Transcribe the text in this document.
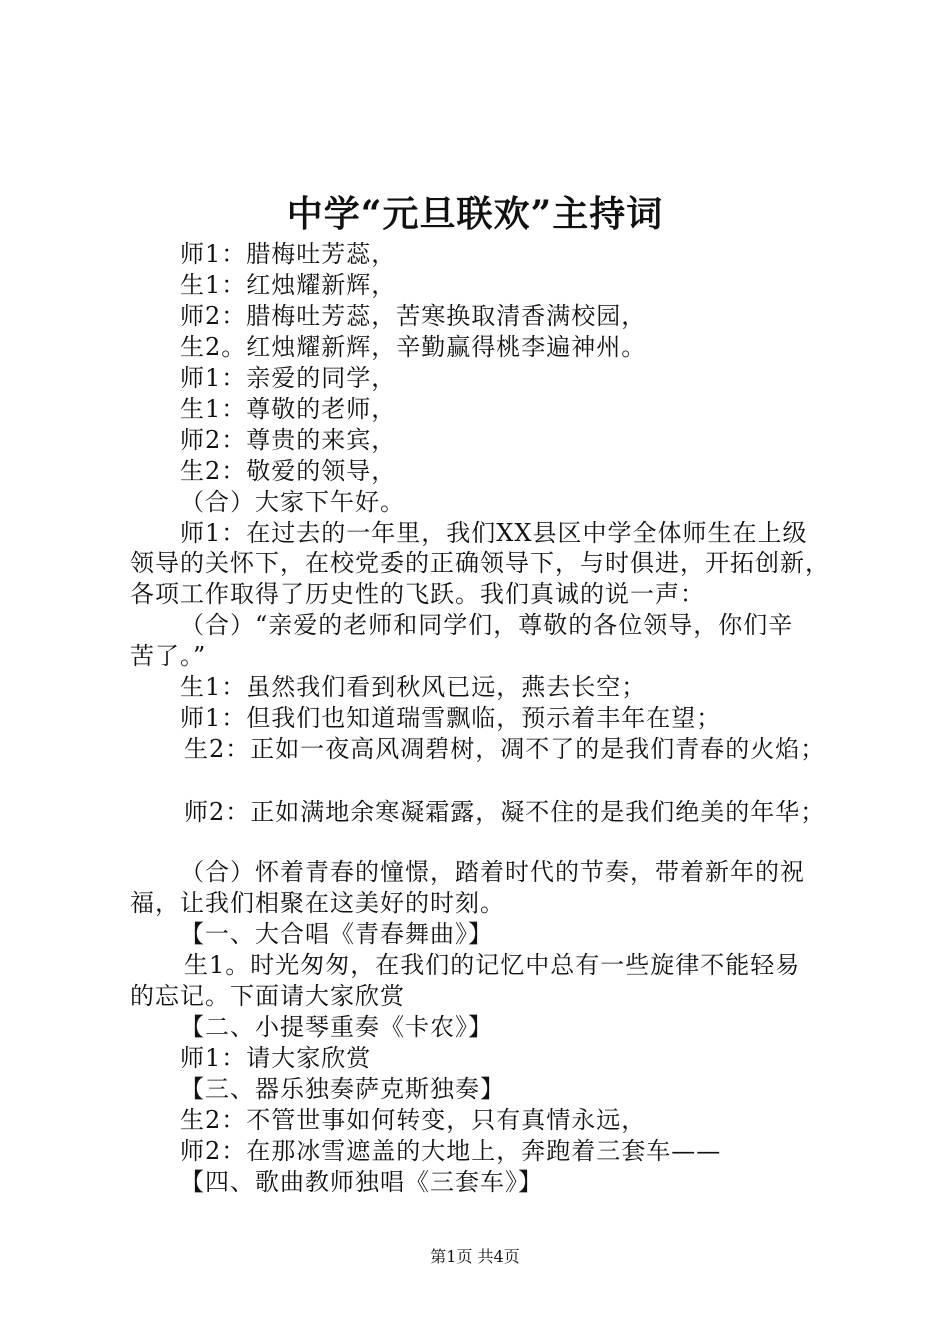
中学“元旦联欢”主持词
师1：腊梅吐芳蕊，
生1：红烛耀新辉，
师2：腊梅吐芳蕊，苦寒换取清香满校园，
生2。红烛耀新辉，辛勤赢得桃李遍神州。
师1：亲爱的同学，
生1：尊敬的老师，
师2：尊贵的来宾，
生2：敬爱的领导，
（合）大家下午好。
师1：在过去的一年里，我们XX县区中学全体师生在上级
领导的关怀下，在校党委的正确领导下，与时俱进，开拓创新，
各项工作取得了历史性的飞跃。我们真诚的说一声：
（合）“亲爱的老师和同学们，尊敬的各位领导，你们辛
苦了。”
生1：虽然我们看到秋风已远，燕去长空；
师1：但我们也知道瑞雪飘临，预示着丰年在望；
生2：正如一夜高风凋碧树，凋不了的是我们青春的火焰；
师2：正如满地余寒凝霜露，凝不住的是我们绝美的年华；
（合）怀着青春的憧憬，踏着时代的节奏，带着新年的祝
福，让我们相聚在这美好的时刻。
【一、大合唱《青春舞曲》】
生1。时光匆匆，在我们的记忆中总有一些旋律不能轻易
的忘记。下面请大家欣赏
【二、小提琴重奏《卡农》】
师1：请大家欣赏
【三、器乐独奏萨克斯独奏】
生2：不管世事如何转变，只有真情永远，
师2：在那冰雪遮盖的大地上，奔跑着三套车——
【四、歌曲教师独唱《三套车》】
第1页 共4页
